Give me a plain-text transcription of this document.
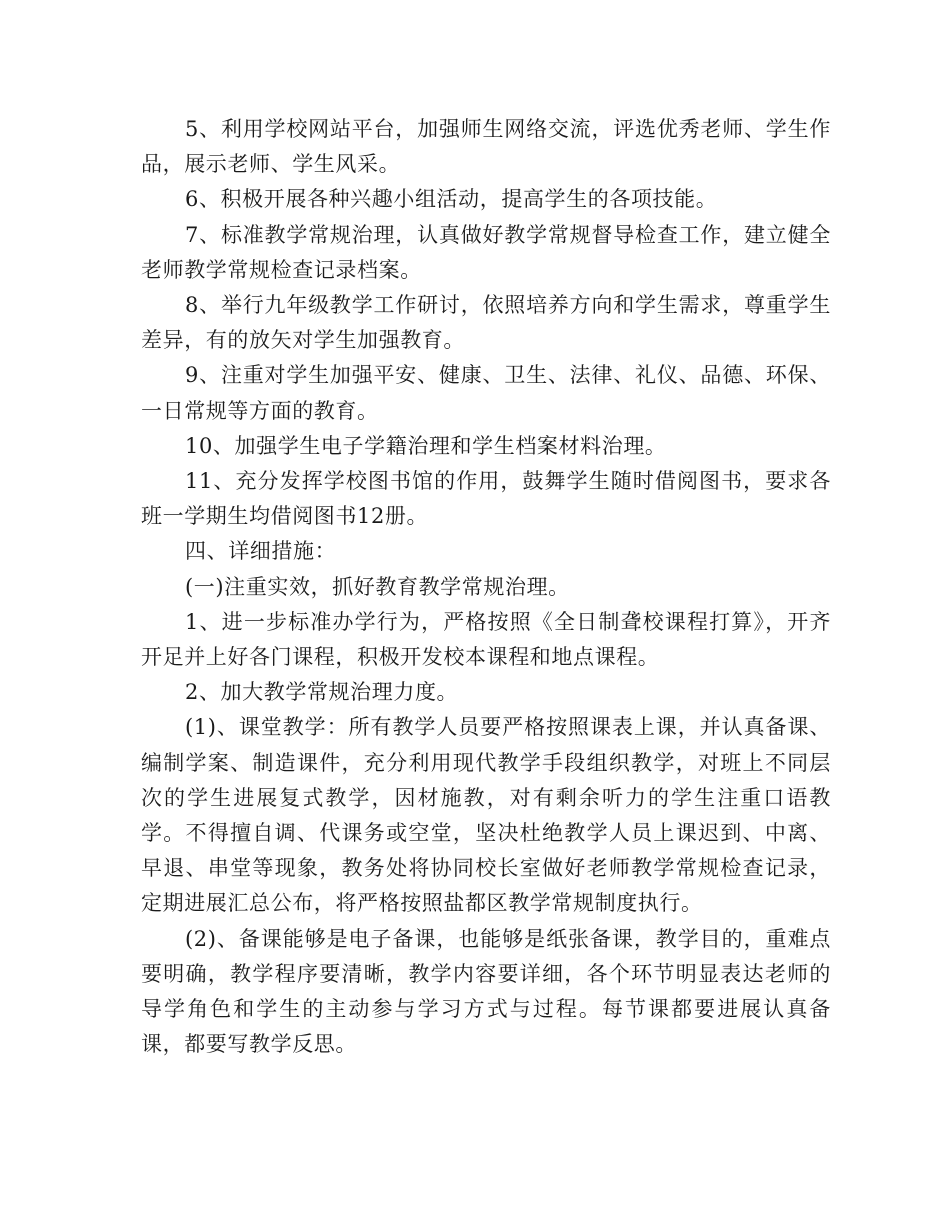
5、利用学校网站平台，加强师生网络交流，评选优秀老师、学生作品，展示老师、学生风采。

6、积极开展各种兴趣小组活动，提高学生的各项技能。

7、标准教学常规治理，认真做好教学常规督导检查工作，建立健全老师教学常规检查记录档案。

8、举行九年级教学工作研讨，依照培养方向和学生需求，尊重学生差异，有的放矢对学生加强教育。

9、注重对学生加强平安、健康、卫生、法律、礼仪、品德、环保、一日常规等方面的教育。

10、加强学生电子学籍治理和学生档案材料治理。

11、充分发挥学校图书馆的作用，鼓舞学生随时借阅图书，要求各班一学期生均借阅图书12册。

四、详细措施：

(一)注重实效，抓好教育教学常规治理。

1、进一步标准办学行为，严格按照《全日制聋校课程打算》，开齐开足并上好各门课程，积极开发校本课程和地点课程。

2、加大教学常规治理力度。

(1)、课堂教学：所有教学人员要严格按照课表上课，并认真备课、编制学案、制造课件，充分利用现代教学手段组织教学，对班上不同层次的学生进展复式教学，因材施教，对有剩余听力的学生注重口语教学。不得擅自调、代课务或空堂，坚决杜绝教学人员上课迟到、中离、早退、串堂等现象，教务处将协同校长室做好老师教学常规检查记录，定期进展汇总公布，将严格按照盐都区教学常规制度执行。

(2)、备课能够是电子备课，也能够是纸张备课，教学目的，重难点要明确，教学程序要清晰，教学内容要详细，各个环节明显表达老师的导学角色和学生的主动参与学习方式与过程。每节课都要进展认真备课，都要写教学反思。
